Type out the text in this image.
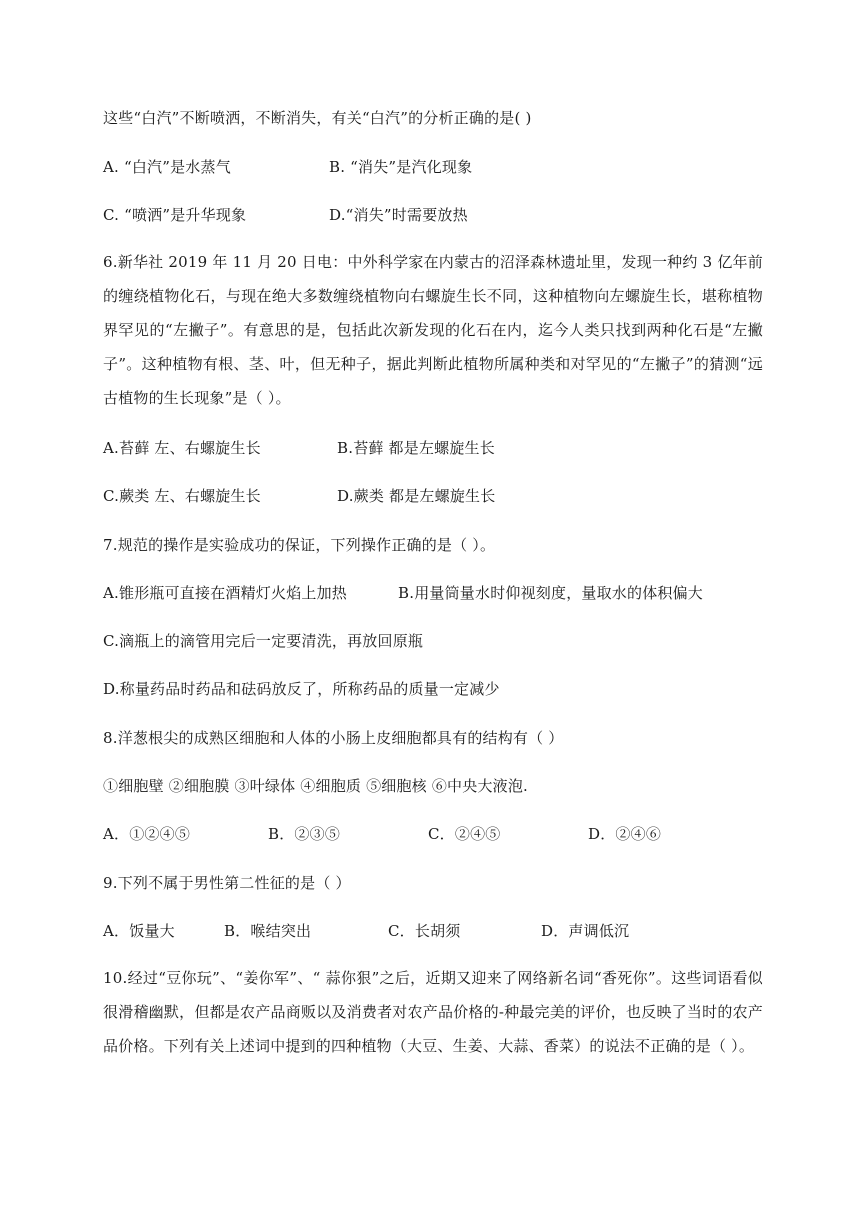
这些“白汽”不断喷洒，不断消失，有关“白汽”的分析正确的是( )
A. “白汽”是水蒸气	B. “消失”是汽化现象
C. “喷洒”是升华现象	D.“消失”时需要放热
6.新华社 2019 年 11 月 20 日电：中外科学家在内蒙古的沼泽森林遗址里，发现一种约 3 亿年前的缠绕植物化石，与现在绝大多数缠绕植物向右螺旋生长不同，这种植物向左螺旋生长，堪称植物界罕见的“左撇子”。有意思的是，包括此次新发现的化石在内，迄今人类只找到两种化石是“左撇子”。这种植物有根、茎、叶，但无种子，据此判断此植物所属种类和对罕见的“左撇子”的猜测“远古植物的生长现象”是（ ）。
A.苔藓 左、右螺旋生长	B.苔藓 都是左螺旋生长
C.蕨类 左、右螺旋生长	D.蕨类 都是左螺旋生长
7.规范的操作是实验成功的保证，下列操作正确的是（ ）。
A.锥形瓶可直接在酒精灯火焰上加热	B.用量筒量水时仰视刻度，量取水的体积偏大
C.滴瓶上的滴管用完后一定要清洗，再放回原瓶
D.称量药品时药品和砝码放反了，所称药品的质量一定减少
8.洋葱根尖的成熟区细胞和人体的小肠上皮细胞都具有的结构有（ ）
①细胞壁 ②细胞膜 ③叶绿体 ④细胞质 ⑤细胞核 ⑥中央大液泡.
A．①②④⑤	B．②③⑤	C．②④⑤	D．②④⑥
9.下列不属于男性第二性征的是（ ）
A．饭量大	B．喉结突出	C．长胡须	D．声调低沉
10.经过“豆你玩”、“姜你军”、“ 蒜你狠”之后，近期又迎来了网络新名词“香死你”。这些词语看似很滑稽幽默，但都是农产品商贩以及消费者对农产品价格的-种最完美的评价，也反映了当时的农产品价格。下列有关上述词中提到的四种植物（大豆、生姜、大蒜、香菜）的说法不正确的是（ ）。
